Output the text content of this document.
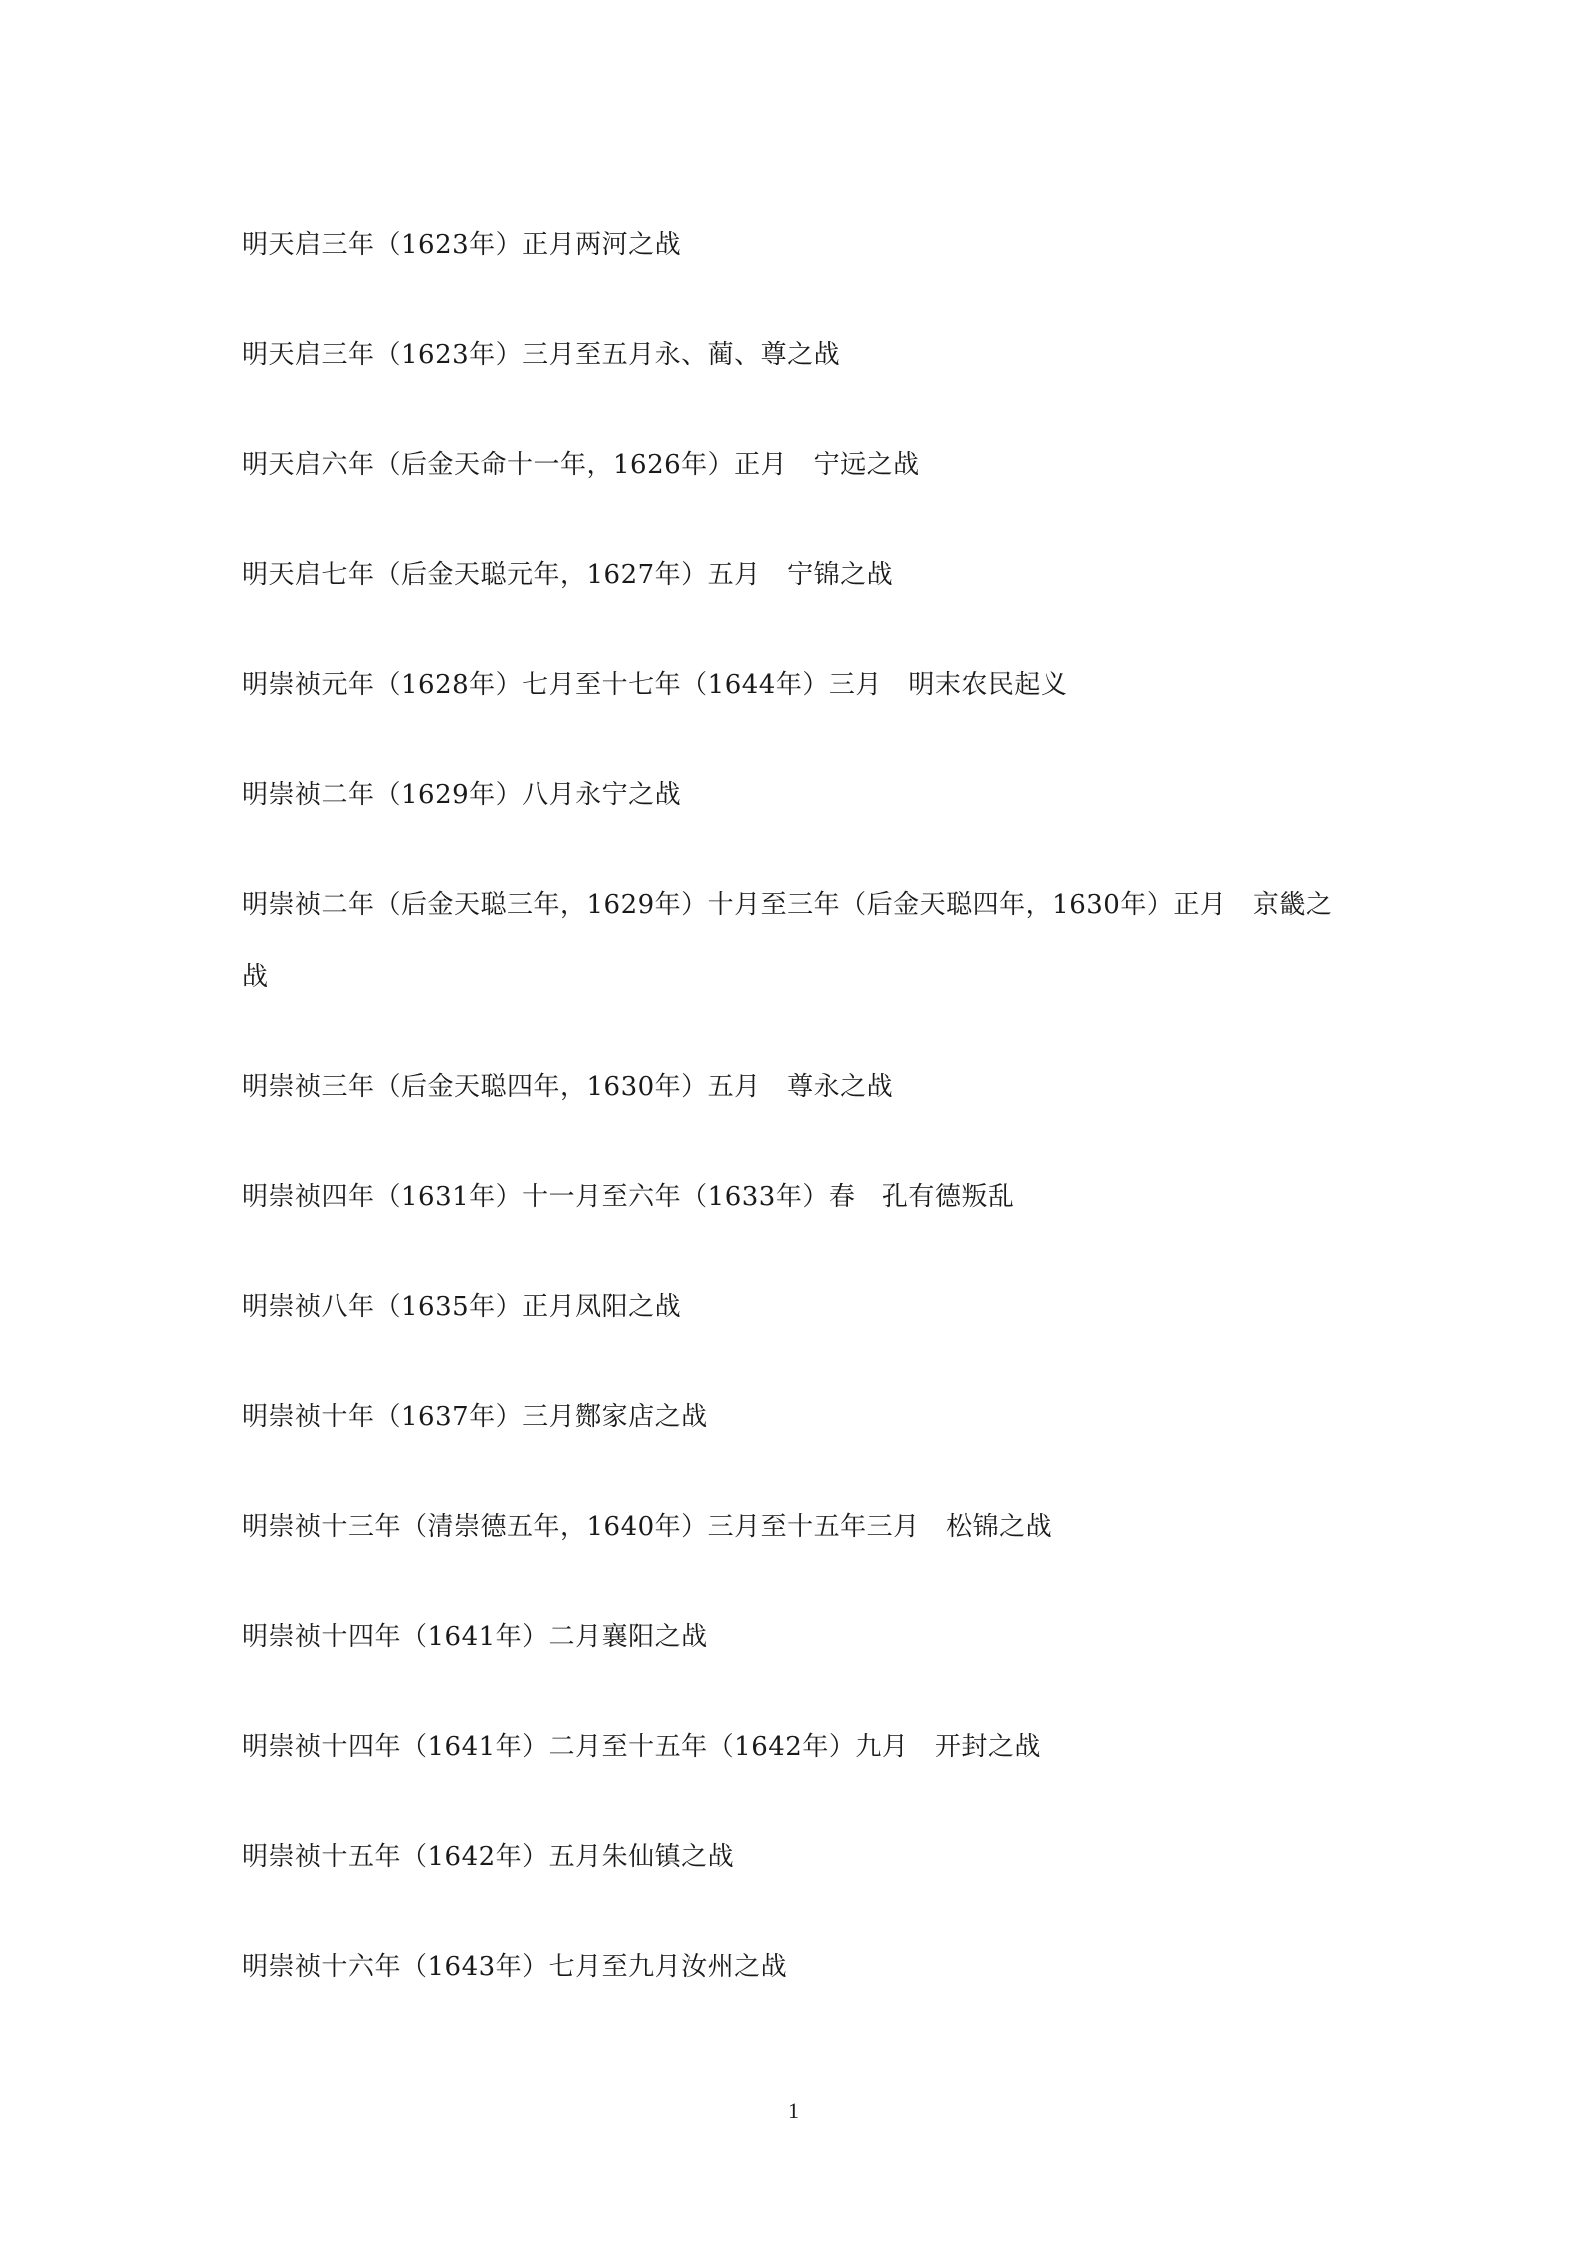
明天启三年（1623年）正月两河之战
明天启三年（1623年）三月至五月永、蔺、尊之战
明天启六年（后金天命十一年，1626年）正月　宁远之战
明天启七年（后金天聪元年，1627年）五月　宁锦之战
明崇祯元年（1628年）七月至十七年（1644年）三月　明末农民起义
明崇祯二年（1629年）八月永宁之战
明崇祯二年（后金天聪三年，1629年）十月至三年（后金天聪四年，1630年）正月　京畿之战
明崇祯三年（后金天聪四年，1630年）五月　尊永之战
明崇祯四年（1631年）十一月至六年（1633年）春　孔有德叛乱
明崇祯八年（1635年）正月凤阳之战
明崇祯十年（1637年）三月酂家店之战
明崇祯十三年（清崇德五年，1640年）三月至十五年三月　松锦之战
明崇祯十四年（1641年）二月襄阳之战
明崇祯十四年（1641年）二月至十五年（1642年）九月　开封之战
明崇祯十五年（1642年）五月朱仙镇之战
明崇祯十六年（1643年）七月至九月汝州之战
1
